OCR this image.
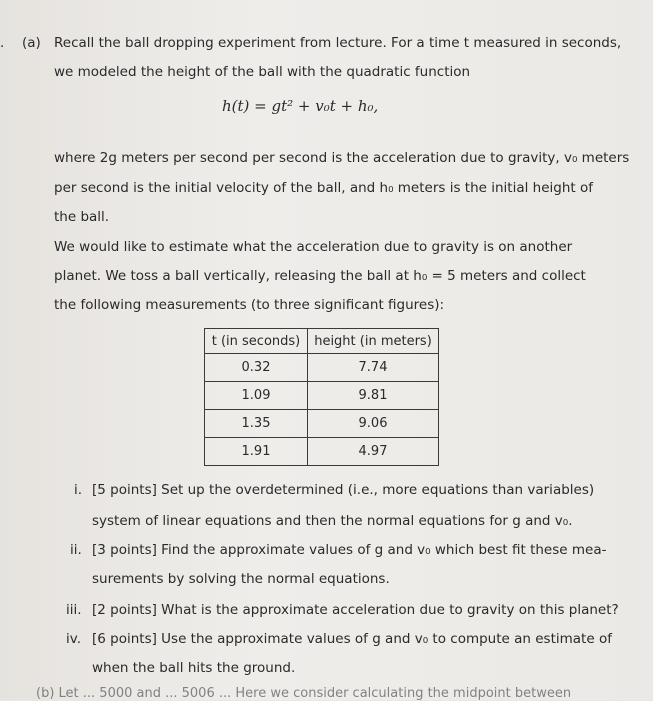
. (a) Recall the ball dropping experiment from lecture. For a time t measured in seconds,
we modeled the height of the ball with the quadratic function
h(t) = gt² + v₀t + h₀,
where 2g meters per second per second is the acceleration due to gravity, v₀ meters
per second is the initial velocity of the ball, and h₀ meters is the initial height of
the ball.
We would like to estimate what the acceleration due to gravity is on another
planet. We toss a ball vertically, releasing the ball at h₀ = 5 meters and collect
the following measurements (to three significant figures):
t (in seconds)	height (in meters)
0.32	7.74
1.09	9.81
1.35	9.06
1.91	4.97
i. [5 points] Set up the overdetermined (i.e., more equations than variables)
system of linear equations and then the normal equations for g and v₀.
ii. [3 points] Find the approximate values of g and v₀ which best fit these mea-
surements by solving the normal equations.
iii. [2 points] What is the approximate acceleration due to gravity on this planet?
iv. [6 points] Use the approximate values of g and v₀ to compute an estimate of
when the ball hits the ground.
(b) Let ... 5000 and ... 5006 ... Here we consider calculating the midpoint between
